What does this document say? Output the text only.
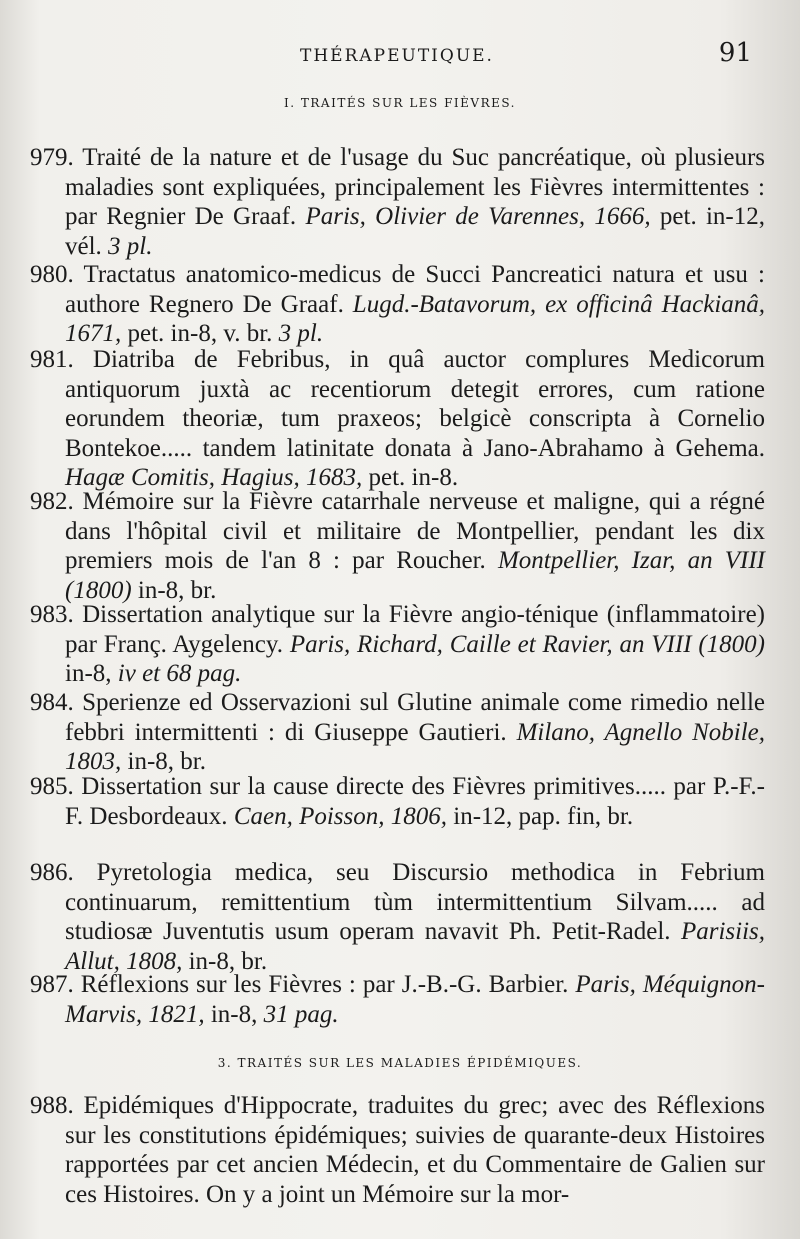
THÉRAPEUTIQUE.	91
I. TRAITÉS SUR LES FIÈVRES.
979. Traité de la nature et de l'usage du Suc pancréatique, où plusieurs maladies sont expliquées, principalement les Fièvres intermittentes : par Regnier De Graaf. Paris, Olivier de Varennes, 1666, pet. in-12, vél. 3 pl.
980. Tractatus anatomico-medicus de Succi Pancreatici natura et usu : authore Regnero De Graaf. Lugd.-Batavorum, ex officinâ Hackianâ, 1671, pet. in-8, v. br. 3 pl.
981. Diatriba de Febribus, in quâ auctor complures Medicorum antiquorum juxtà ac recentiorum detegit errores, cum ratione eorundem theoriæ, tum praxeos; belgicè conscripta à Cornelio Bontekoe..... tandem latinitate donata à Jano-Abrahamo à Gehema. Hagæ Comitis, Hagius, 1683, pet. in-8.
982. Mémoire sur la Fièvre catarrhale nerveuse et maligne, qui a régné dans l'hôpital civil et militaire de Montpellier, pendant les dix premiers mois de l'an 8 : par Roucher. Montpellier, Izar, an VIII (1800) in-8, br.
983. Dissertation analytique sur la Fièvre angio-ténique (inflammatoire) par Franç. Aygelency. Paris, Richard, Caille et Ravier, an VIII (1800) in-8, iv et 68 pag.
984. Sperienze ed Osservazioni sul Glutine animale come rimedio nelle febbri intermittenti : di Giuseppe Gautieri. Milano, Agnello Nobile, 1803, in-8, br.
985. Dissertation sur la cause directe des Fièvres primitives..... par P.-F.-F. Desbordeaux. Caen, Poisson, 1806, in-12, pap. fin, br.
986. Pyretologia medica, seu Discursio methodica in Febrium continuarum, remittentium tùm intermittentium Silvam..... ad studiosæ Juventutis usum operam navavit Ph. Petit-Radel. Parisiis, Allut, 1808, in-8, br.
987. Réflexions sur les Fièvres : par J.-B.-G. Barbier. Paris, Méquignon-Marvis, 1821, in-8, 31 pag.
3. TRAITÉS SUR LES MALADIES ÉPIDÉMIQUES.
988. Epidémiques d'Hippocrate, traduites du grec; avec des Réflexions sur les constitutions épidémiques; suivies de quarante-deux Histoires rapportées par cet ancien Médecin, et du Commentaire de Galien sur ces Histoires. On y a joint un Mémoire sur la mor-
